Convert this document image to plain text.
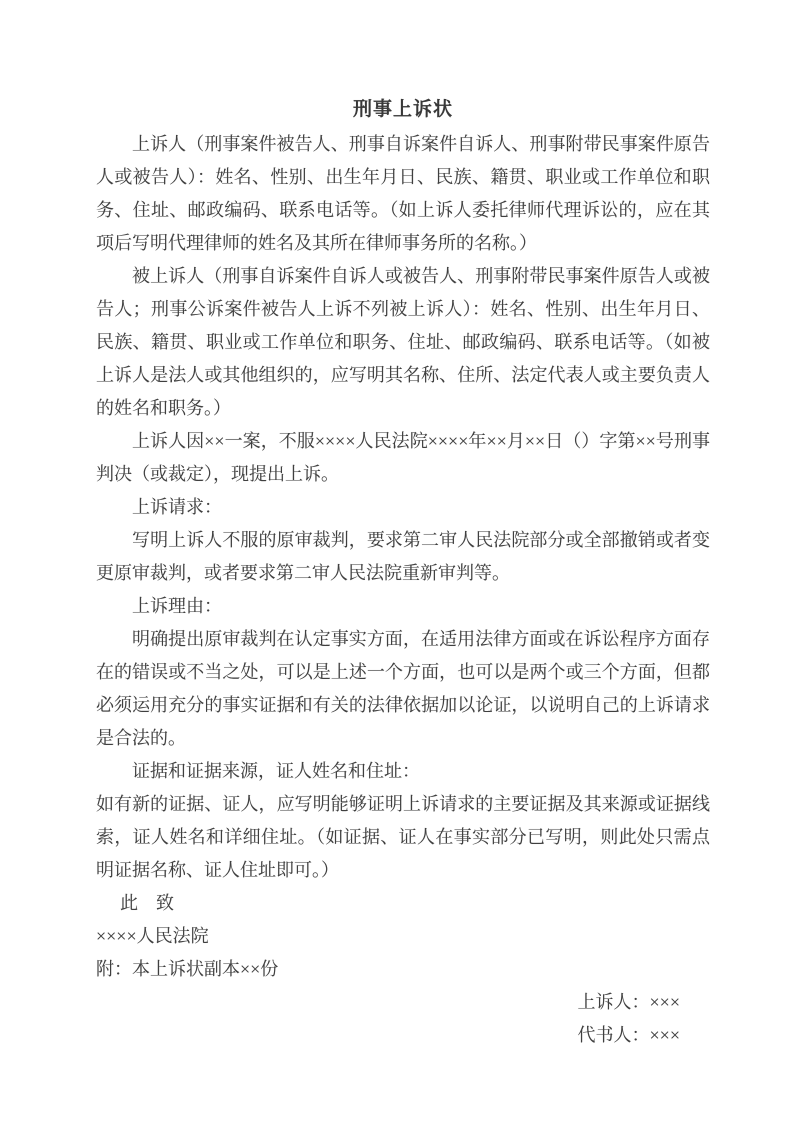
刑事上诉状

上诉人（刑事案件被告人、刑事自诉案件自诉人、刑事附带民事案件原告人或被告人）：姓名、性别、出生年月日、民族、籍贯、职业或工作单位和职务、住址、邮政编码、联系电话等。（如上诉人委托律师代理诉讼的，应在其项后写明代理律师的姓名及其所在律师事务所的名称。）

被上诉人（刑事自诉案件自诉人或被告人、刑事附带民事案件原告人或被告人；刑事公诉案件被告人上诉不列被上诉人）：姓名、性别、出生年月日、民族、籍贯、职业或工作单位和职务、住址、邮政编码、联系电话等。（如被上诉人是法人或其他组织的，应写明其名称、住所、法定代表人或主要负责人的姓名和职务。）

上诉人因××一案，不服××××人民法院××××年××月××日（）字第××号刑事判决（或裁定），现提出上诉。

上诉请求：

写明上诉人不服的原审裁判，要求第二审人民法院部分或全部撤销或者变更原审裁判，或者要求第二审人民法院重新审判等。

上诉理由：

明确提出原审裁判在认定事实方面，在适用法律方面或在诉讼程序方面存在的错误或不当之处，可以是上述一个方面，也可以是两个或三个方面，但都必须运用充分的事实证据和有关的法律依据加以论证，以说明自己的上诉请求是合法的。

证据和证据来源，证人姓名和住址：

如有新的证据、证人，应写明能够证明上诉请求的主要证据及其来源或证据线索，证人姓名和详细住址。（如证据、证人在事实部分已写明，则此处只需点明证据名称、证人住址即可。）

此　致

××××人民法院

附：本上诉状副本××份

上诉人：×××

代书人：×××
